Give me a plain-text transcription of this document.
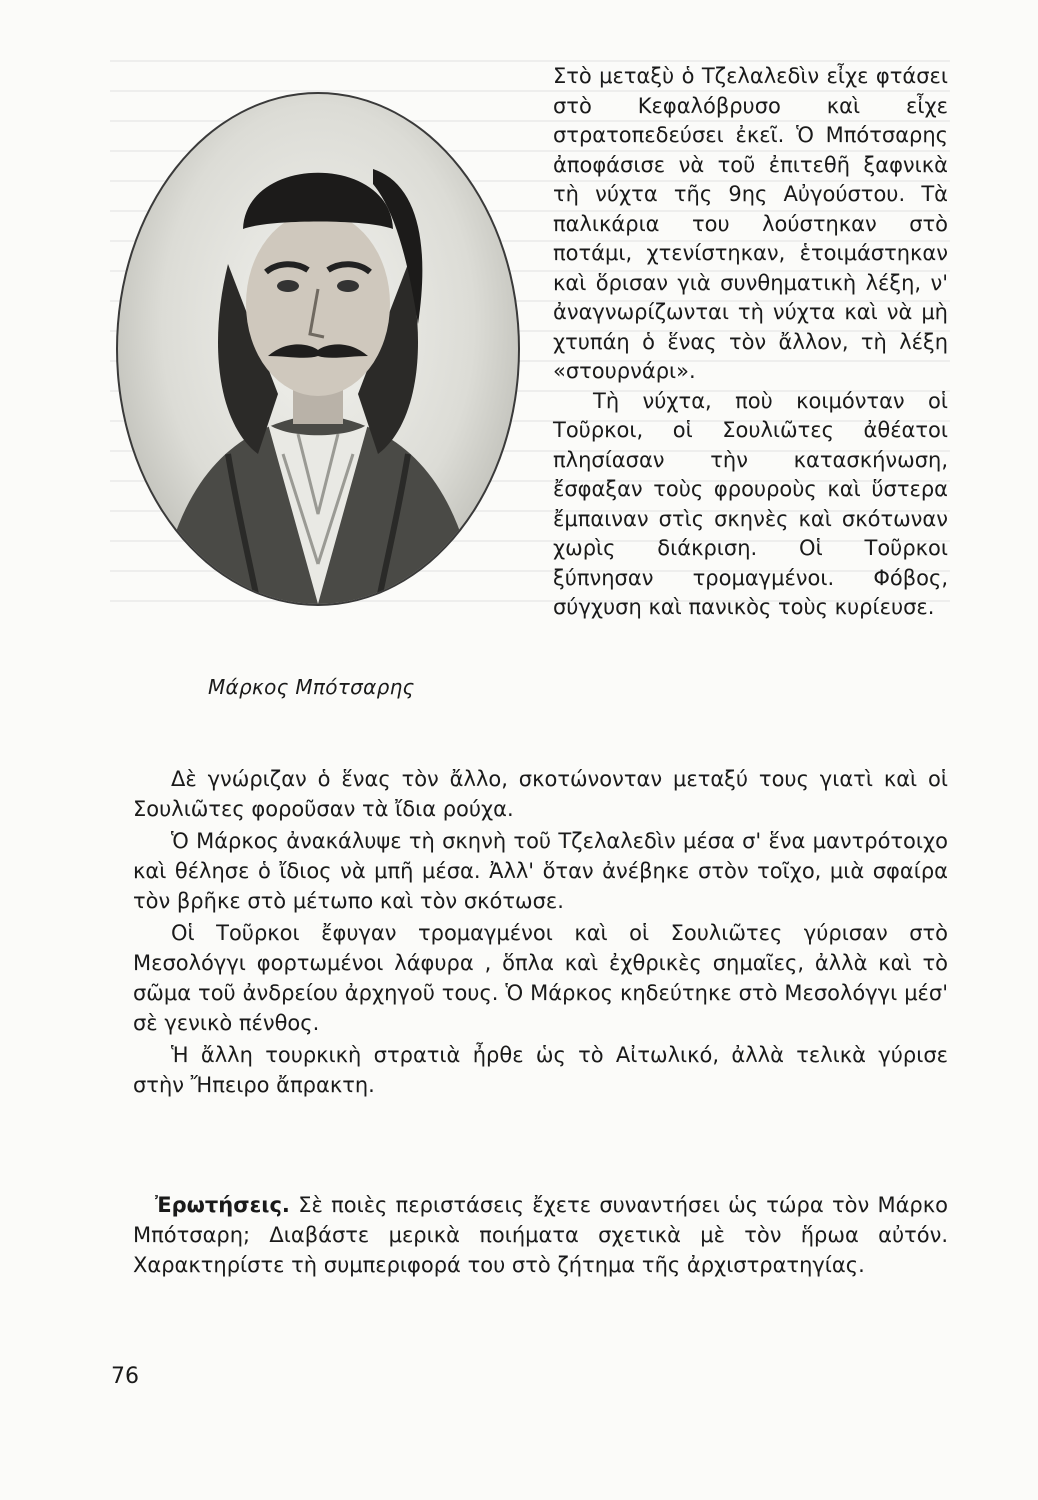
Μάρκος Μπότσαρης

Στὸ μεταξὺ ὁ Τζελαλεδὶν εἶχε φτάσει στὸ Κεφαλόβρυσο καὶ εἶχε στρατοπεδεύσει ἐκεῖ. Ὁ Μπότσαρης ἀποφάσισε νὰ τοῦ ἐπιτεθῆ ξαφνικὰ τὴ νύχτα τῆς 9ης Αὐγούστου. Τὰ παλικάρια του λούστηκαν στὸ ποτάμι, χτενίστηκαν, ἑτοιμάστηκαν καὶ ὅρισαν γιὰ συνθηματικὴ λέξη, ν' ἀναγνωρίζωνται τὴ νύχτα καὶ νὰ μὴ χτυπάη ὁ ἕνας τὸν ἄλλον, τὴ λέξη «στουρνάρι».

Τὴ νύχτα, ποὺ κοιμόνταν οἱ Τοῦρκοι, οἱ Σουλιῶτες ἀθέατοι πλησίασαν τὴν κατασκήνωση, ἔσφαξαν τοὺς φρουροὺς καὶ ὕστερα ἔμπαιναν στὶς σκηνὲς καὶ σκότωναν χωρὶς διάκριση. Οἱ Τοῦρκοι ξύπνησαν τρομαγμένοι. Φόβος, σύγχυση καὶ πανικὸς τοὺς κυρίευσε.

Δὲ γνώριζαν ὁ ἕνας τὸν ἄλλο, σκοτώνονταν μεταξύ τους γιατὶ καὶ οἱ Σουλιῶτες φοροῦσαν τὰ ἴδια ρούχα.

Ὁ Μάρκος ἀνακάλυψε τὴ σκηνὴ τοῦ Τζελαλεδὶν μέσα σ' ἕνα μαντρότοιχο καὶ θέλησε ὁ ἴδιος νὰ μπῆ μέσα. Ἀλλ' ὅταν ἀνέβηκε στὸν τοῖχο, μιὰ σφαίρα τὸν βρῆκε στὸ μέτωπο καὶ τὸν σκότωσε.

Οἱ Τοῦρκοι ἔφυγαν τρομαγμένοι καὶ οἱ Σουλιῶτες γύρισαν στὸ Μεσολόγγι φορτωμένοι λάφυρα , ὅπλα καὶ ἐχθρικὲς σημαῖες, ἀλλὰ καὶ τὸ σῶμα τοῦ ἀνδρείου ἀρχηγοῦ τους. Ὁ Μάρκος κηδεύτηκε στὸ Μεσολόγγι μέσ' σὲ γενικὸ πένθος.

Ἡ ἄλλη τουρκικὴ στρατιὰ ἦρθε ὡς τὸ Αἰτωλικό, ἀλλὰ τελικὰ γύρισε στὴν Ἤπειρο ἄπρακτη.

Ἐρωτήσεις. Σὲ ποιὲς περιστάσεις ἔχετε συναντήσει ὡς τώρα τὸν Μάρκο Μπότσαρη; Διαβάστε μερικὰ ποιήματα σχετικὰ μὲ τὸν ἥρωα αὐτόν. Χαρακτηρίστε τὴ συμπεριφορά του στὸ ζήτημα τῆς ἀρχιστρατηγίας.
76
